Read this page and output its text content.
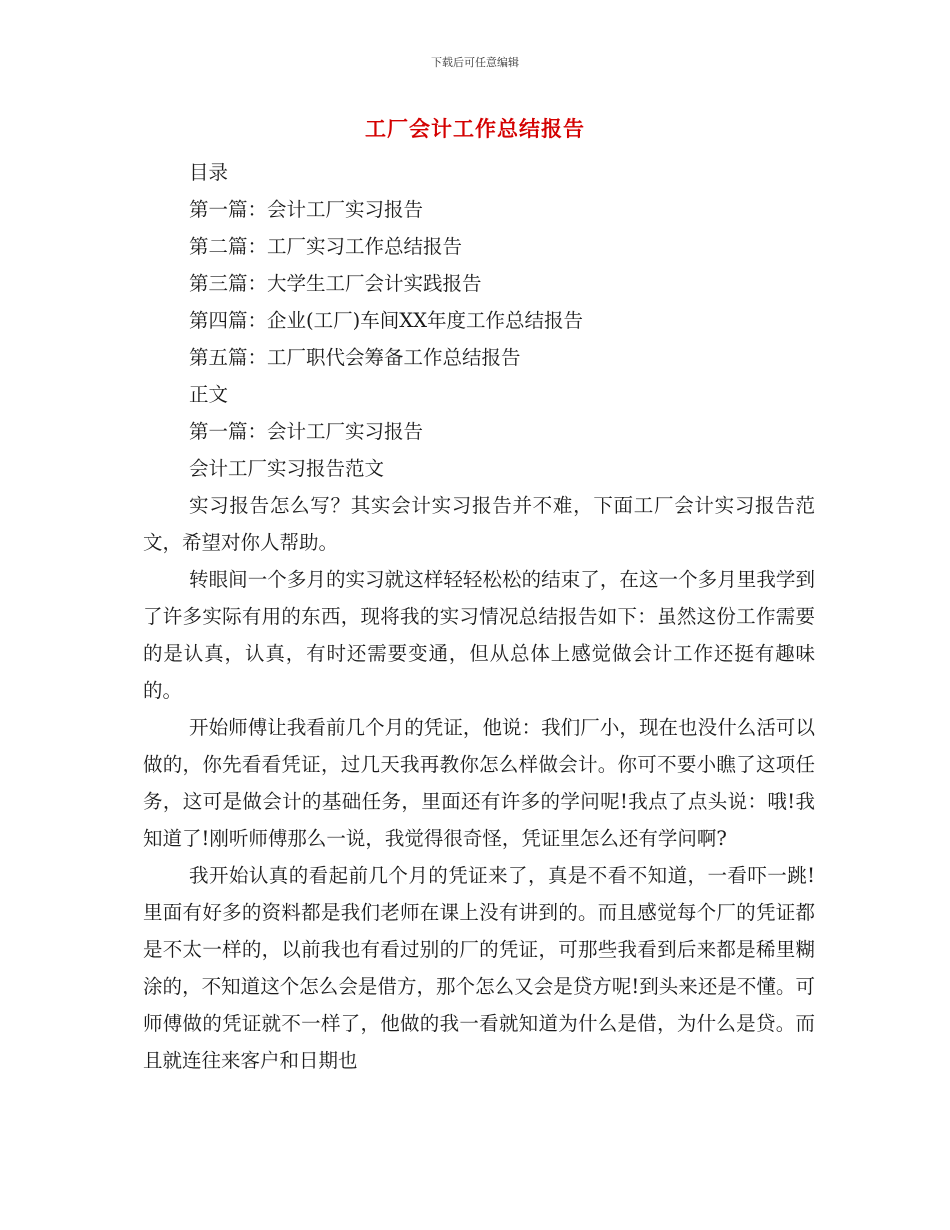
下载后可任意编辑
工厂会计工作总结报告
目录
第一篇：会计工厂实习报告
第二篇：工厂实习工作总结报告
第三篇：大学生工厂会计实践报告
第四篇：企业(工厂)车间XX年度工作总结报告
第五篇：工厂职代会筹备工作总结报告
正文
第一篇：会计工厂实习报告
会计工厂实习报告范文

实习报告怎么写？其实会计实习报告并不难，下面工厂会计实习报告范文，希望对你人帮助。

转眼间一个多月的实习就这样轻轻松松的结束了，在这一个多月里我学到了许多实际有用的东西，现将我的实习情况总结报告如下：虽然这份工作需要的是认真，认真，有时还需要变通，但从总体上感觉做会计工作还挺有趣味的。

开始师傅让我看前几个月的凭证，他说：我们厂小，现在也没什么活可以做的，你先看看凭证，过几天我再教你怎么样做会计。你可不要小瞧了这项任务，这可是做会计的基础任务，里面还有许多的学问呢!我点了点头说：哦!我知道了!刚听师傅那么一说，我觉得很奇怪，凭证里怎么还有学问啊?

我开始认真的看起前几个月的凭证来了，真是不看不知道，一看吓一跳!里面有好多的资料都是我们老师在课上没有讲到的。而且感觉每个厂的凭证都是不太一样的，以前我也有看过别的厂的凭证，可那些我看到后来都是稀里糊涂的，不知道这个怎么会是借方，那个怎么又会是贷方呢!到头来还是不懂。可师傅做的凭证就不一样了，他做的我一看就知道为什么是借，为什么是贷。而且就连往来客户和日期也
